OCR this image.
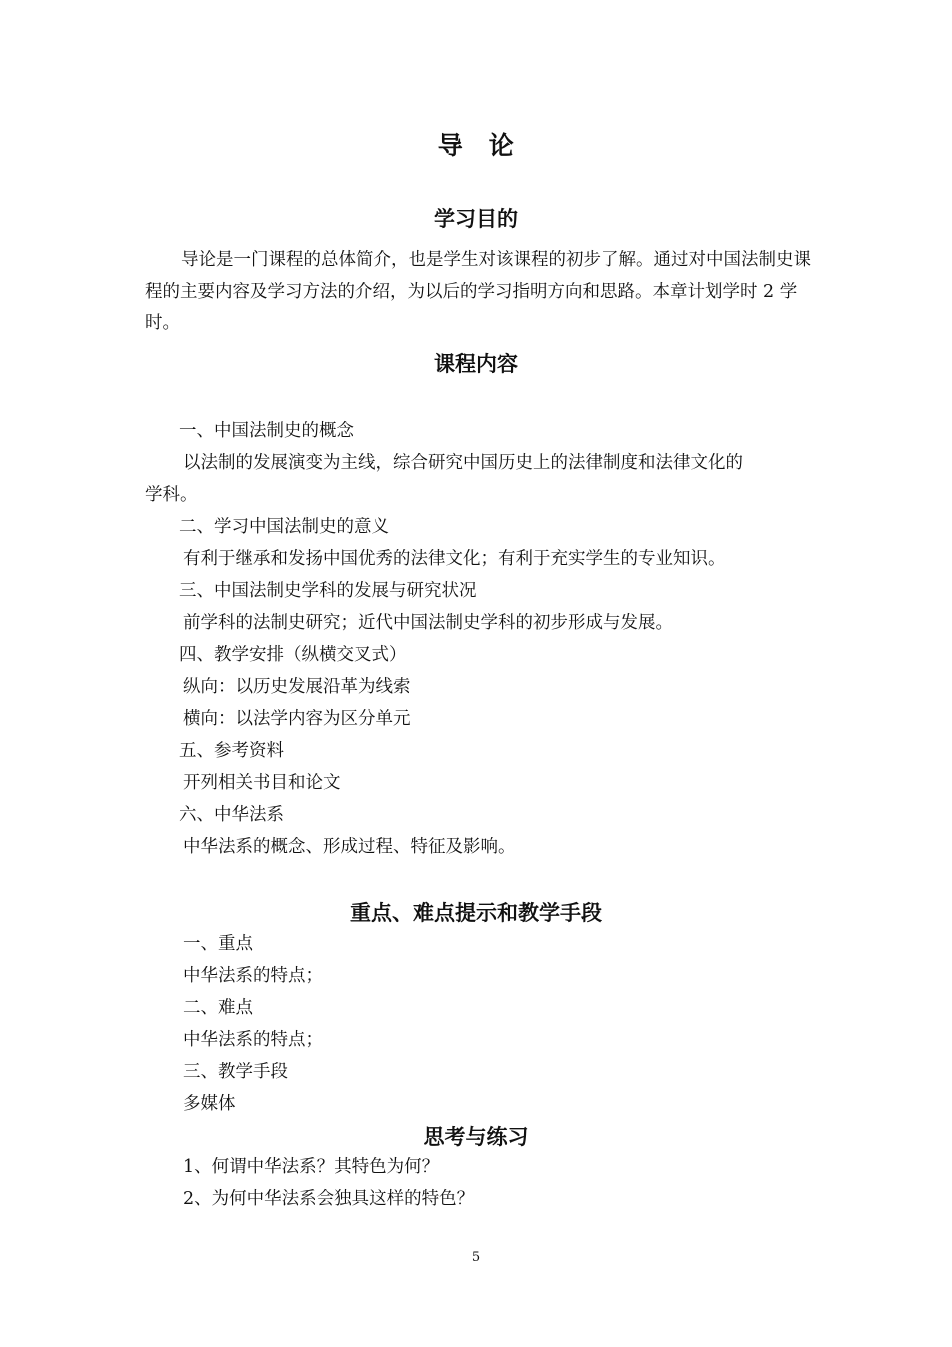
导　论
学习目的
导论是一门课程的总体简介，也是学生对该课程的初步了解。通过对中国法制史课程的主要内容及学习方法的介绍，为以后的学习指明方向和思路。本章计划学时 2 学时。
课程内容
一、中国法制史的概念
以法制的发展演变为主线，综合研究中国历史上的法律制度和法律文化的
学科。
二、学习中国法制史的意义
有利于继承和发扬中国优秀的法律文化；有利于充实学生的专业知识。
三、中国法制史学科的发展与研究状况
前学科的法制史研究；近代中国法制史学科的初步形成与发展。
四、教学安排（纵横交叉式）
纵向：以历史发展沿革为线索
横向：以法学内容为区分单元
五、参考资料
开列相关书目和论文
六、中华法系
中华法系的概念、形成过程、特征及影响。
重点、难点提示和教学手段
一、重点
中华法系的特点；
二、难点
中华法系的特点；
三、教学手段
多媒体
思考与练习
1、何谓中华法系？其特色为何？
2、为何中华法系会独具这样的特色？
5
